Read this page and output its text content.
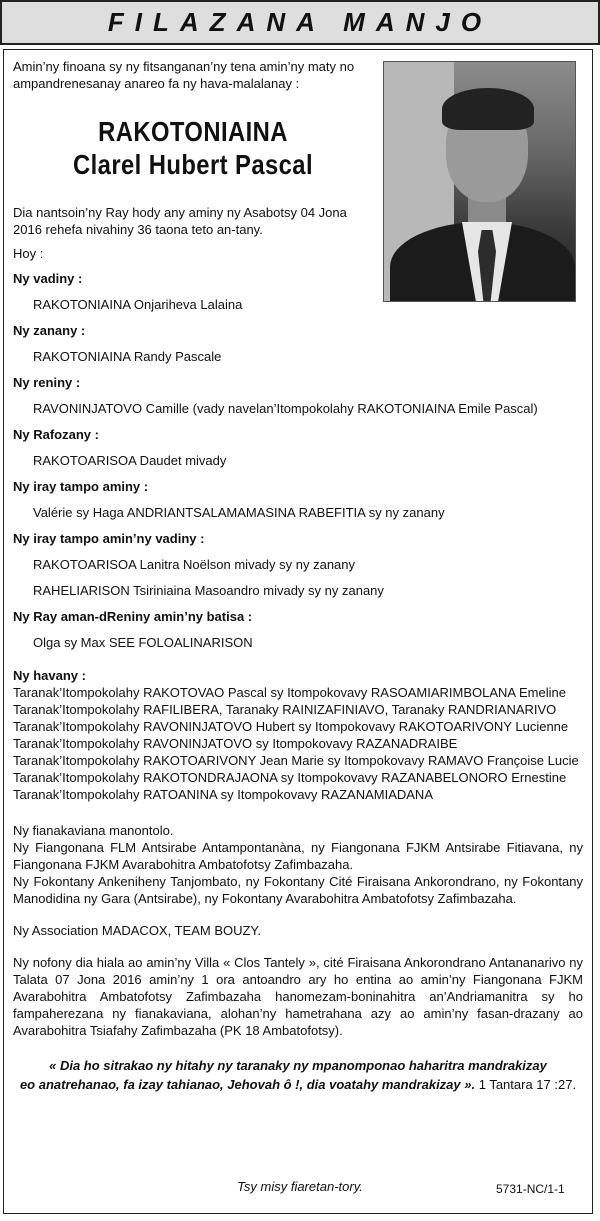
FILAZANA MANJO
Amin’ny finoana sy ny fitsanganan’ny tena amin’ny maty no ampandrenesanay anareo fa ny hava-malalanay :
RAKOTONIAINA
Clarel Hubert Pascal
Dia nantsoin’ny Ray hody any aminy ny Asabotsy 04 Jona 2016 rehefa nivahiny 36 taona teto an-tany.
Hoy :
Ny vadiny :
RAKOTONIAINA Onjariheva Lalaina
Ny zanany :
RAKOTONIAINA Randy Pascale
Ny reniny :
RAVONINJATOVO Camille (vady navelan’Itompokolahy RAKOTONIAINA Emile Pascal)
Ny Rafozany :
RAKOTOARISOA Daudet mivady
Ny iray tampo aminy :
Valérie sy Haga ANDRIANTSALAMAMASINA RABEFITIA sy ny zanany
Ny iray tampo amin’ny vadiny :
RAKOTOARISOA Lanitra Noëlson mivady sy ny zanany
RAHELIARISON Tsiriniaina Masoandro mivady sy ny zanany
Ny Ray aman-dReniny amin’ny batisa :
Olga sy Max SEE FOLOALINARISON
Ny havany :
Taranak’Itompokolahy RAKOTOVAO Pascal sy Itompokovavy RASOAMIARIMBOLANA Emeline
Taranak’Itompokolahy RAFILIBERA, Taranaky RAINIZAFINIAVO, Taranaky RANDRIANARIVO
Taranak’Itompokolahy RAVONINJATOVO Hubert sy Itompokovavy RAKOTOARIVONY Lucienne
Taranak’Itompokolahy RAVONINJATOVO sy Itompokovavy RAZANADRAIBE
Taranak’Itompokolahy RAKOTOARIVONY Jean Marie sy Itompokovavy RAMAVO Françoise Lucie
Taranak’Itompokolahy RAKOTONDRAJAONA sy Itompokovavy RAZANABELONORO Ernestine
Taranak’Itompokolahy RATOANINA sy Itompokovavy RAZANAMIADANA
Ny fianakaviana manontolo.
Ny Fiangonana FLM Antsirabe Antampontanàna, ny Fiangonana FJKM Antsirabe Fitiavana, ny Fiangonana FJKM Avarabohitra Ambatofotsy Zafimbazaha.
Ny Fokontany Ankeniheny Tanjombato, ny Fokontany Cité Firaisana Ankorondrano, ny Fokontany Manodidina ny Gara (Antsirabe), ny Fokontany Avarabohitra Ambatofotsy Zafimbazaha.
Ny Association MADACOX, TEAM BOUZY.
Ny nofony dia hiala ao amin’ny Villa « Clos Tantely », cité Firaisana Ankorondrano Antananarivo ny Talata 07 Jona 2016 amin’ny 1 ora antoandro ary ho entina ao amin’ny Fiangonana FJKM Avarabohitra Ambatofotsy Zafimbazaha hanomezam-boninahitra an’Andriamanitra sy ho fampaherezana ny fianakaviana, alohan’ny hametrahana azy ao amin’ny fasan-drazany ao Avarabohitra Tsiafahy Zafimbazaha (PK 18 Ambatofotsy).
« Dia ho sitrakao ny hitahy ny taranaky ny mpanomponao haharitra mandrakizay
eo anatrehanao, fa izay tahianao, Jehovah ô !, dia voatahy mandrakizay ». 1 Tantara 17 :27.
Tsy misy fiaretan-tory.	5731-NC/1-1
